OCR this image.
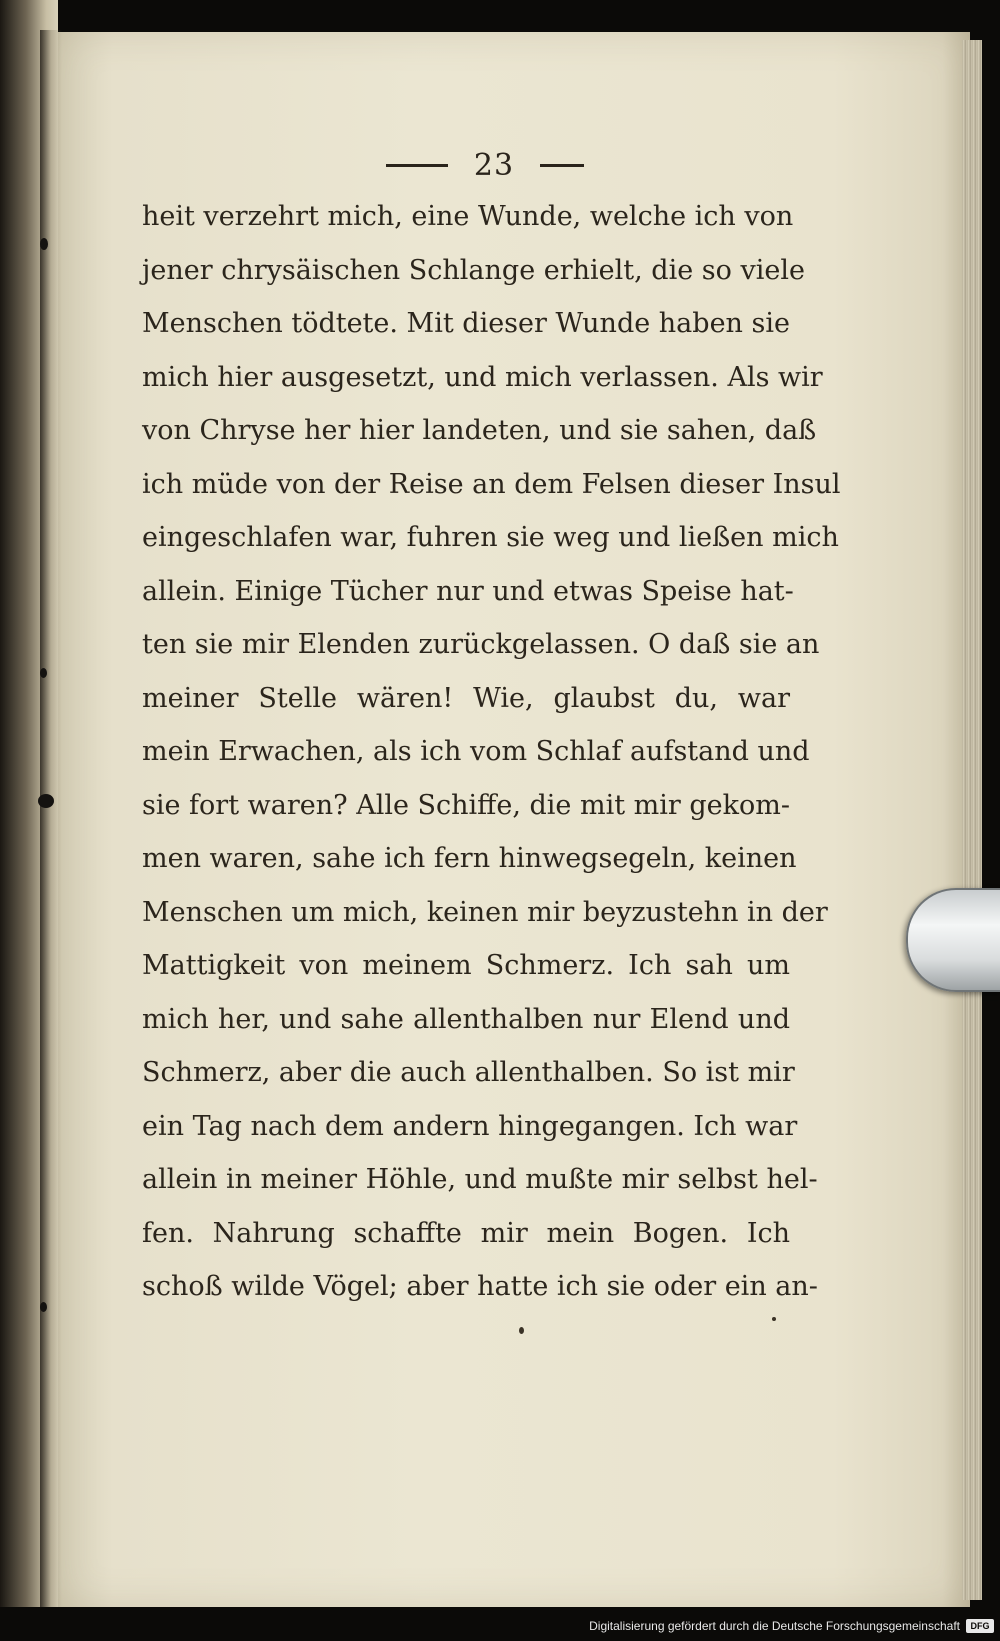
23
heit verzehrt mich, eine Wunde, welche ich von
jener chrysäischen Schlange erhielt, die so viele
Menschen tödtete. Mit dieser Wunde haben sie
mich hier ausgesetzt, und mich verlassen. Als wir
von Chryse her hier landeten, und sie sahen, daß
ich müde von der Reise an dem Felsen dieser Insul
eingeschlafen war, fuhren sie weg und ließen mich
allein. Einige Tücher nur und etwas Speise hat-
ten sie mir Elenden zurückgelassen. O daß sie an
meiner Stelle wären! Wie, glaubst du, war
mein Erwachen, als ich vom Schlaf aufstand und
sie fort waren? Alle Schiffe, die mit mir gekom-
men waren, sahe ich fern hinwegsegeln, keinen
Menschen um mich, keinen mir beyzustehn in der
Mattigkeit von meinem Schmerz. Ich sah um
mich her, und sahe allenthalben nur Elend und
Schmerz, aber die auch allenthalben. So ist mir
ein Tag nach dem andern hingegangen. Ich war
allein in meiner Höhle, und mußte mir selbst hel-
fen. Nahrung schaffte mir mein Bogen. Ich
schoß wilde Vögel; aber hatte ich sie oder ein an-
Digitalisierung gefördert durch die Deutsche Forschungsgemeinschaft	DFG
